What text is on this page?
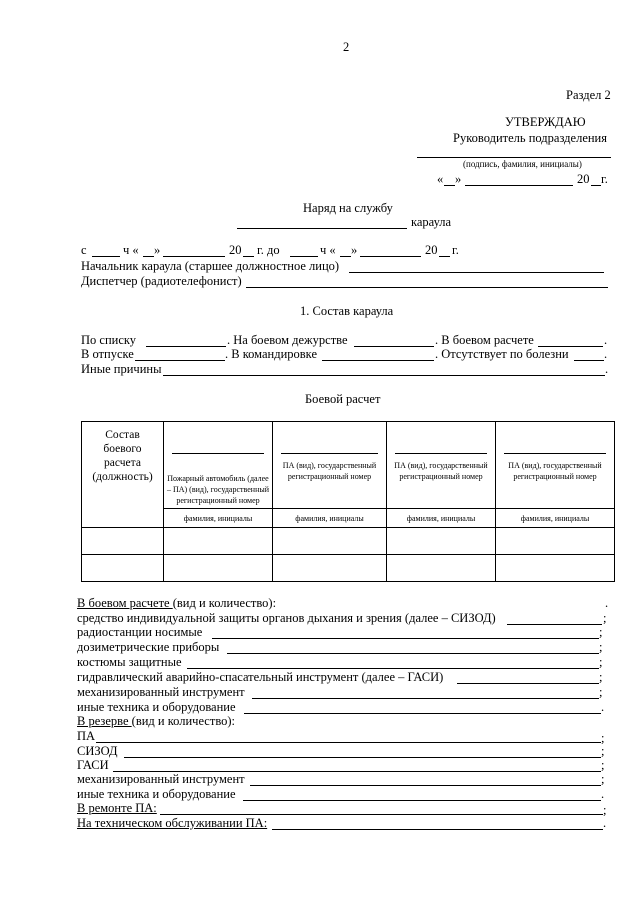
2
Раздел 2
УТВЕРЖДАЮ
Руководитель подразделения
(подпись, фамилия, инициалы)
« »	20 г.
Наряд на службу
караула
с	ч « »	20 г. до	ч « »	20 г.
Начальник караула (старшее должностное лицо)
Диспетчер (радиотелефонист)
1. Состав караула
По списку	. На боевом дежурстве	. В боевом расчете	.
В отпуске	. В командировке	. Отсутствует по болезни	.
Иные причины	.
Боевой расчет
Состав
боевого
расчета
(должность)	Пожарный автомобиль (далее – ПА) (вид), государственный регистрационный номер	ПА (вид), государственный регистрационный номер	ПА (вид), государственный регистрационный номер	ПА (вид), государственный регистрационный номер

	фамилия, инициалы	фамилия, инициалы	фамилия, инициалы	фамилия, инициалы

В боевом расчете (вид и количество):	.
средство индивидуальной защиты органов дыхания и зрения (далее – СИЗОД)	;
радиостанции носимые	;
дозиметрические приборы	;
костюмы защитные	;
гидравлический аварийно-спасательный инструмент (далее – ГАСИ)	;
механизированный инструмент	;
иные техника и оборудование	.
В резерве (вид и количество):
ПА	;
СИЗОД	;
ГАСИ	;
механизированный инструмент	;
иные техника и оборудование	.
В ремонте ПА:	;
На техническом обслуживании ПА:	.
